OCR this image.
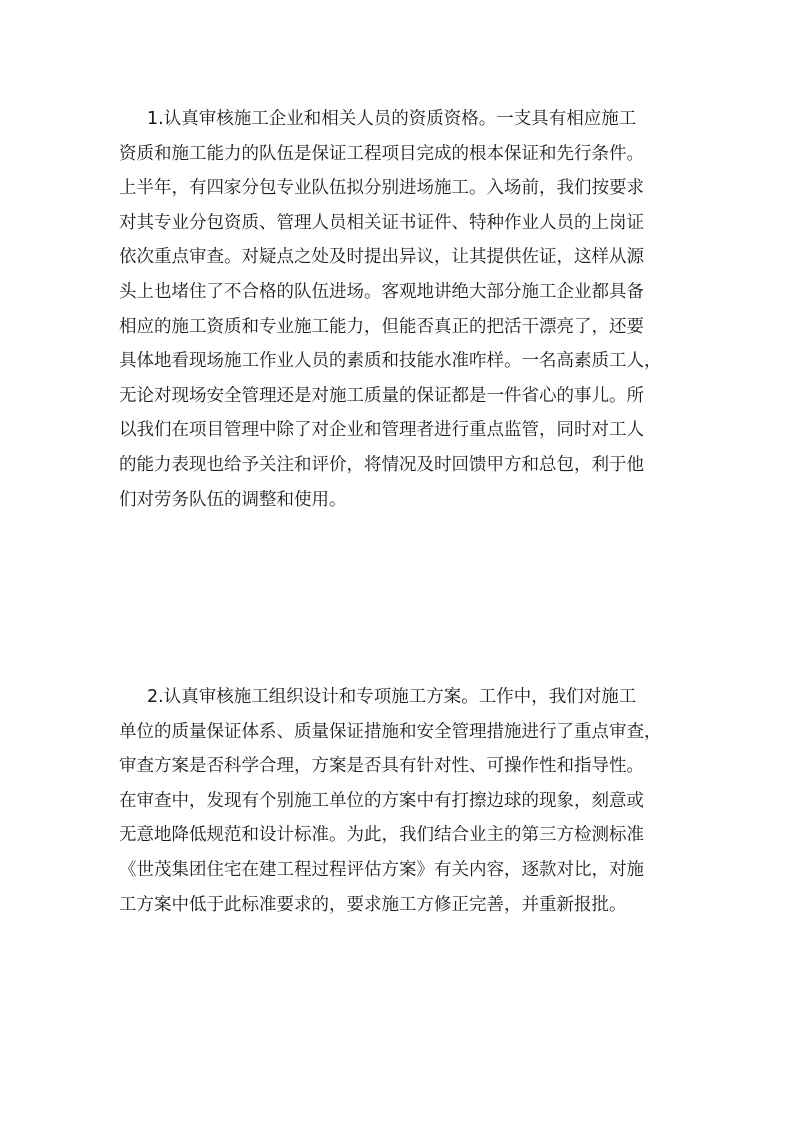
1.认真审核施工企业和相关人员的资质资格。一支具有相应施工
资质和施工能力的队伍是保证工程项目完成的根本保证和先行条件。
上半年，有四家分包专业队伍拟分别进场施工。入场前，我们按要求
对其专业分包资质、管理人员相关证书证件、特种作业人员的上岗证
依次重点审查。对疑点之处及时提出异议，让其提供佐证，这样从源
头上也堵住了不合格的队伍进场。客观地讲绝大部分施工企业都具备
相应的施工资质和专业施工能力，但能否真正的把活干漂亮了，还要
具体地看现场施工作业人员的素质和技能水准咋样。一名高素质工人，
无论对现场安全管理还是对施工质量的保证都是一件省心的事儿。所
以我们在项目管理中除了对企业和管理者进行重点监管，同时对工人
的能力表现也给予关注和评价，将情况及时回馈甲方和总包，利于他
们对劳务队伍的调整和使用。
2.认真审核施工组织设计和专项施工方案。工作中，我们对施工
单位的质量保证体系、质量保证措施和安全管理措施进行了重点审查，
审查方案是否科学合理，方案是否具有针对性、可操作性和指导性。
在审查中，发现有个别施工单位的方案中有打擦边球的现象，刻意或
无意地降低规范和设计标准。为此，我们结合业主的第三方检测标准
《世茂集团住宅在建工程过程评估方案》有关内容，逐款对比，对施
工方案中低于此标准要求的，要求施工方修正完善，并重新报批。
